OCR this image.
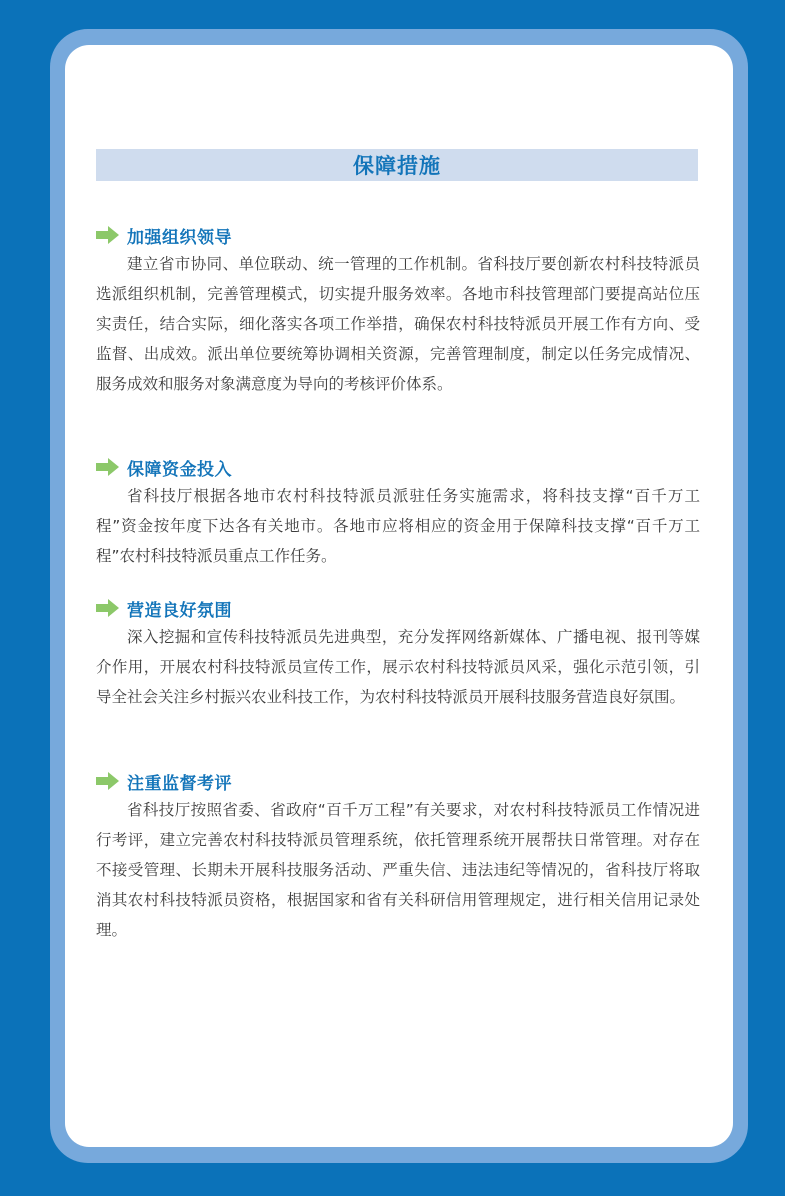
保障措施
加强组织领导

建立省市协同、单位联动、统一管理的工作机制。省科技厅要创新农村科技特派员选派组织机制，完善管理模式，切实提升服务效率。各地市科技管理部门要提高站位压实责任，结合实际，细化落实各项工作举措，确保农村科技特派员开展工作有方向、受监督、出成效。派出单位要统筹协调相关资源，完善管理制度，制定以任务完成情况、服务成效和服务对象满意度为导向的考核评价体系。

保障资金投入

省科技厅根据各地市农村科技特派员派驻任务实施需求，将科技支撑“百千万工程”资金按年度下达各有关地市。各地市应将相应的资金用于保障科技支撑“百千万工程”农村科技特派员重点工作任务。

营造良好氛围

深入挖掘和宣传科技特派员先进典型，充分发挥网络新媒体、广播电视、报刊等媒介作用，开展农村科技特派员宣传工作，展示农村科技特派员风采，强化示范引领，引导全社会关注乡村振兴农业科技工作，为农村科技特派员开展科技服务营造良好氛围。

注重监督考评

省科技厅按照省委、省政府“百千万工程”有关要求，对农村科技特派员工作情况进行考评，建立完善农村科技特派员管理系统，依托管理系统开展帮扶日常管理。对存在不接受管理、长期未开展科技服务活动、严重失信、违法违纪等情况的，省科技厅将取消其农村科技特派员资格，根据国家和省有关科研信用管理规定，进行相关信用记录处理。
